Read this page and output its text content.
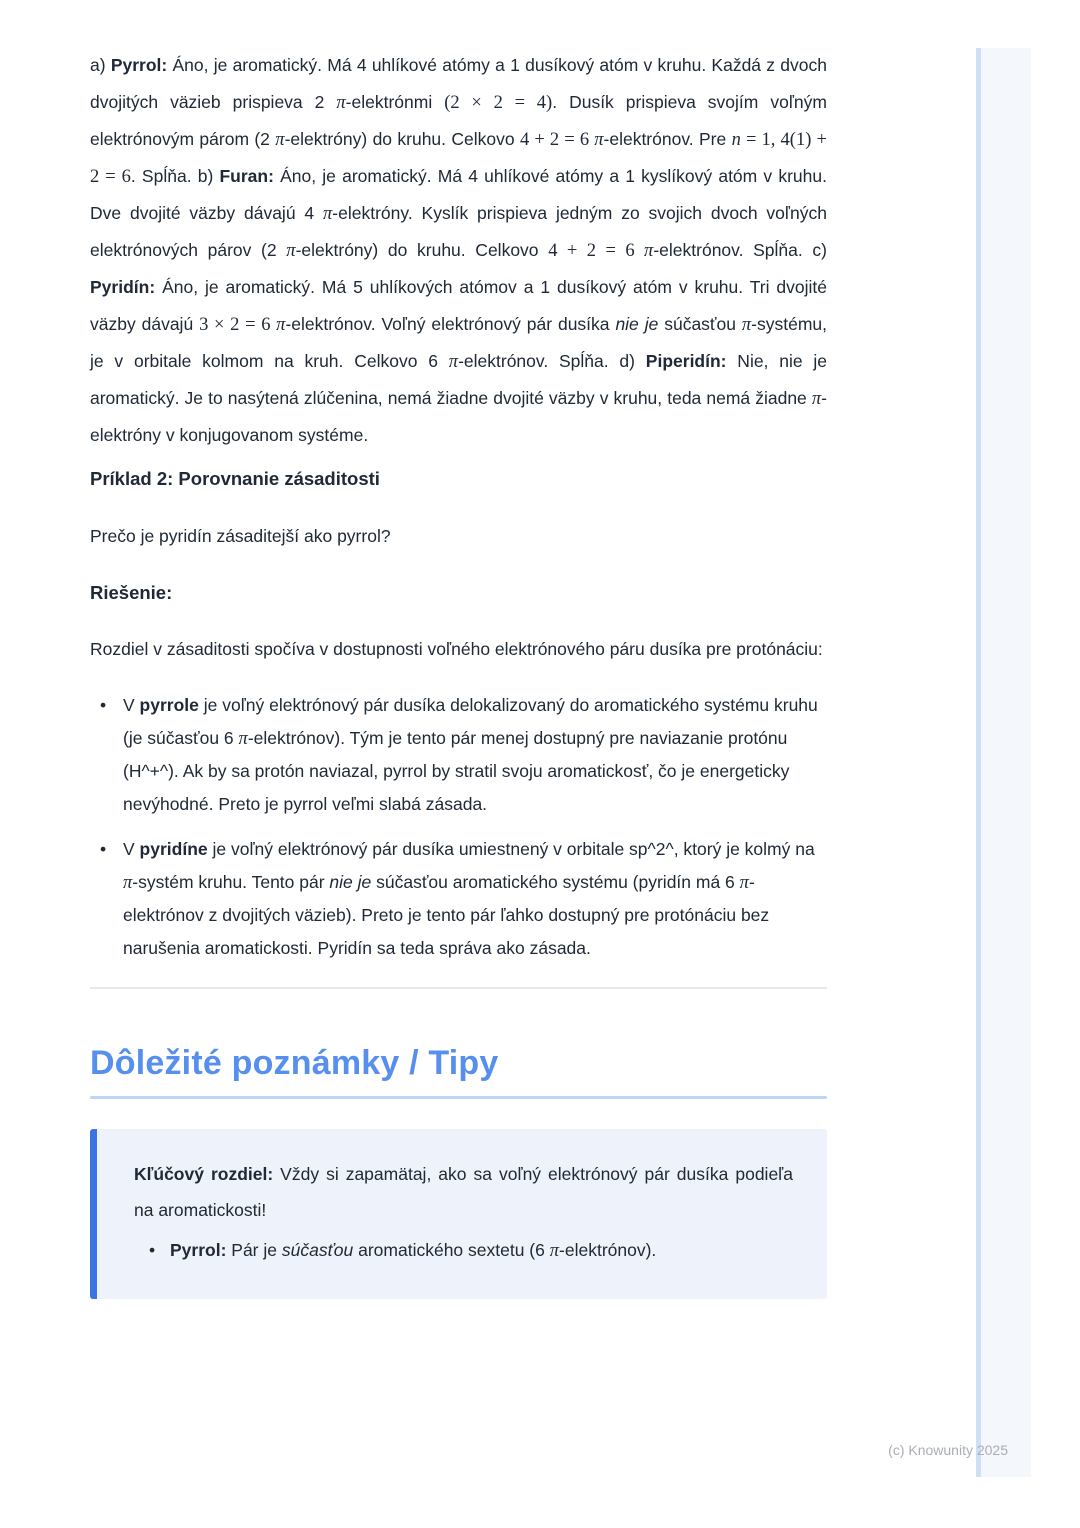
a) Pyrrol: Áno, je aromatický. Má 4 uhlíkové atómy a 1 dusíkový atóm v kruhu. Každá z dvoch dvojitých väzieb prispieva 2 π-elektrónmi (2 × 2 = 4). Dusík prispieva svojím voľným elektrónovým párom (2 π-elektróny) do kruhu. Celkovo 4 + 2 = 6 π-elektrónov. Pre n = 1, 4(1) + 2 = 6. Spĺňa. b) Furan: Áno, je aromatický. Má 4 uhlíkové atómy a 1 kyslíkový atóm v kruhu. Dve dvojité väzby dávajú 4 π-elektróny. Kyslík prispieva jedným zo svojich dvoch voľných elektrónových párov (2 π-elektróny) do kruhu. Celkovo 4 + 2 = 6 π-elektrónov. Spĺňa. c) Pyridín: Áno, je aromatický. Má 5 uhlíkových atómov a 1 dusíkový atóm v kruhu. Tri dvojité väzby dávajú 3 × 2 = 6 π-elektrónov. Voľný elektrónový pár dusíka nie je súčasťou π-systému, je v orbitale kolmom na kruh. Celkovo 6 π-elektrónov. Spĺňa. d) Piperidín: Nie, nie je aromatický. Je to nasýtená zlúčenina, nemá žiadne dvojité väzby v kruhu, teda nemá žiadne π-elektróny v konjugovanom systéme.

Príklad 2: Porovnanie zásaditosti

Prečo je pyridín zásaditejší ako pyrrol?

Riešenie:

Rozdiel v zásaditosti spočíva v dostupnosti voľného elektrónového páru dusíka pre protónáciu:

• V pyrrole je voľný elektrónový pár dusíka delokalizovaný do aromatického systému kruhu (je súčasťou 6 π-elektrónov). Tým je tento pár menej dostupný pre naviazanie protónu (H^+^). Ak by sa protón naviazal, pyrrol by stratil svoju aromatickosť, čo je energeticky nevýhodné. Preto je pyrrol veľmi slabá zásada.
• V pyridíne je voľný elektrónový pár dusíka umiestnený v orbitale sp^2^, ktorý je kolmý na π-systém kruhu. Tento pár nie je súčasťou aromatického systému (pyridín má 6 π-elektrónov z dvojitých väzieb). Preto je tento pár ľahko dostupný pre protónáciu bez narušenia aromatickosti. Pyridín sa teda správa ako zásada.
Dôležité poznámky / Tipy

Kľúčový rozdiel: Vždy si zapamätaj, ako sa voľný elektrónový pár dusíka podieľa na aromatickosti!

• Pyrrol: Pár je súčasťou aromatického sextetu (6 π-elektrónov).
(c) Knowunity 2025
